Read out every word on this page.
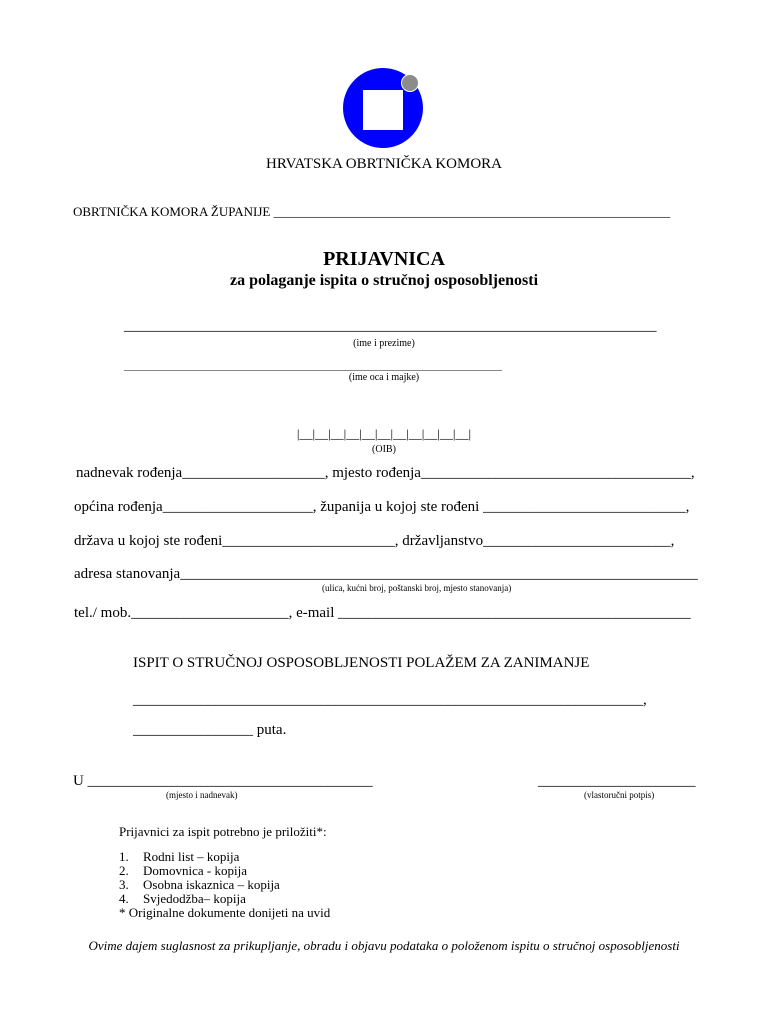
HRVATSKA OBRTNIČKA KOMORA
OBRTNIČKA KOMORA ŽUPANIJE _____________________________________________________________
PRIJAVNICA
za polaganje ispita o stručnoj osposobljenosti
_______________________________________________________________________
(ime i prezime)
____________________________________________________________________________________
(ime oca i majke)
|__|__|__|__|__|__|__|__|__|__|__|
(OIB)
nadnevak rođenja___________________, mjesto rođenja____________________________________,
općina rođenja____________________, županija u kojoj ste rođeni ___________________________,
država u kojoj ste rođeni_______________________, državljanstvo_________________________,
adresa stanovanja_____________________________________________________________________
(ulica, kućni broj, poštanski broj, mjesto stanovanja)
tel./ mob._____________________, e-mail _______________________________________________
ISPIT O STRUČNOJ OSPOSOBLJENOSTI POLAŽEM ZA ZANIMANJE
____________________________________________________________________,
________________ puta.
U ______________________________________
(mjesto i nadnevak)
_____________________
(vlastoručni potpis)
Prijavnici za ispit potrebno je priložiti*:
1. Rodni list – kopija
2. Domovnica - kopija
3. Osobna iskaznica – kopija
4. Svjedodžba– kopija
* Originalne dokumente donijeti na uvid
Ovime dajem suglasnost za prikupljanje, obradu i objavu podataka o položenom ispitu o stručnoj osposobljenosti
